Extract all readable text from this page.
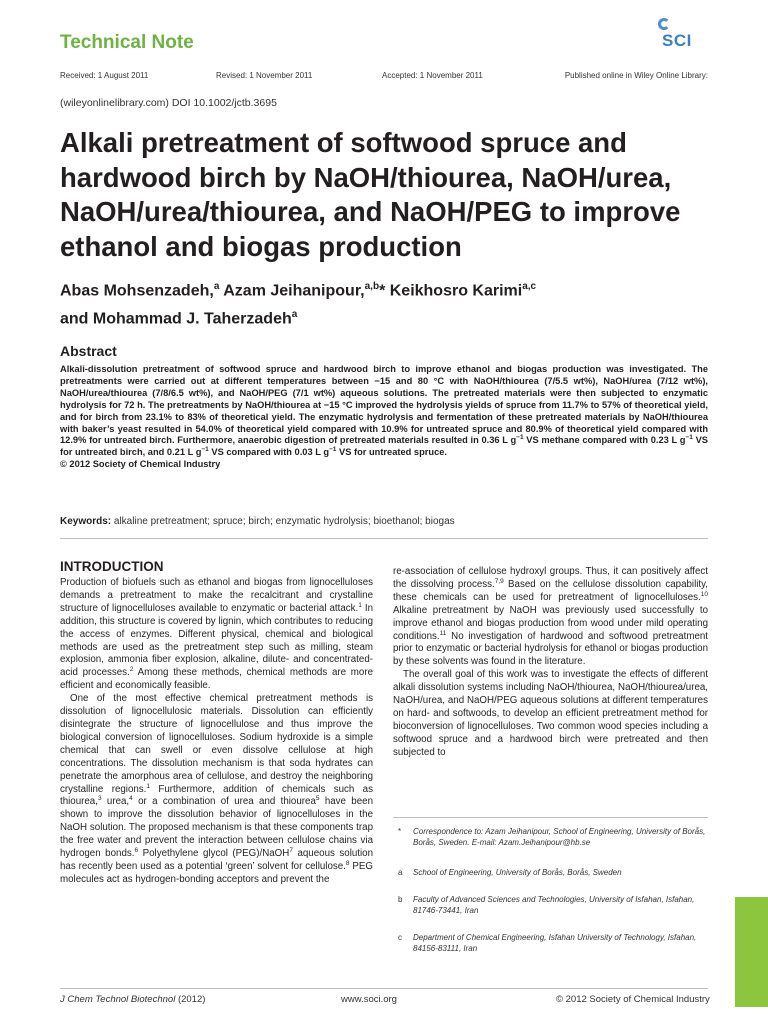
Technical Note	SCI
Received: 1 August 2011	Revised: 1 November 2011	Accepted: 1 November 2011	Published online in Wiley Online Library:
(wileyonlinelibrary.com) DOI 10.1002/jctb.3695
Alkali pretreatment of softwood spruce and hardwood birch by NaOH/thiourea, NaOH/urea, NaOH/urea/thiourea, and NaOH/PEG to improve ethanol and biogas production

Abas Mohsenzadeh,$^a$ Azam Jeihanipour,$^{a,b}$* Keikhosro Karimi$^{a,c}$
and Mohammad J. Taherzadeh$^a$

Abstract

Alkali-dissolution pretreatment of softwood spruce and hardwood birch to improve ethanol and biogas production was investigated. The pretreatments were carried out at different temperatures between −15 and 80 °C with NaOH/thiourea (7/5.5 wt%), NaOH/urea (7/12 wt%), NaOH/urea/thiourea (7/8/6.5 wt%), and NaOH/PEG (7/1 wt%) aqueous solutions. The pretreated materials were then subjected to enzymatic hydrolysis for 72 h. The pretreatments by NaOH/thiourea at −15 °C improved the hydrolysis yields of spruce from 11.7% to 57% of theoretical yield, and for birch from 23.1% to 83% of theoretical yield. The enzymatic hydrolysis and fermentation of these pretreated materials by NaOH/thiourea with baker’s yeast resulted in 54.0% of theoretical yield compared with 10.9% for untreated spruce and 80.9% of theoretical yield compared with 12.9% for untreated birch. Furthermore, anaerobic digestion of pretreated materials resulted in 0.36 L $g^{-1}$ VS methane compared with 0.23 L $g^{-1}$ VS for untreated birch, and 0.21 L $g^{-1}$ VS compared with 0.03 L $g^{-1}$ VS for untreated spruce.
© 2012 Society of Chemical Industry

Keywords: alkaline pretreatment; spruce; birch; enzymatic hydrolysis; bioethanol; biogas

INTRODUCTION

Production of biofuels such as ethanol and biogas from lignocelluloses demands a pretreatment to make the recalcitrant and crystalline structure of lignocelluloses available to enzymatic or bacterial attack.$^1$ In addition, this structure is covered by lignin, which contributes to reducing the access of enzymes. Different physical, chemical and biological methods are used as the pretreatment step such as milling, steam explosion, ammonia fiber explosion, alkaline, dilute- and concentrated-acid processes.$^2$ Among these methods, chemical methods are more efficient and economically feasible.

One of the most effective chemical pretreatment methods is dissolution of lignocellulosic materials. Dissolution can efficiently disintegrate the structure of lignocellulose and thus improve the biological conversion of lignocelluloses. Sodium hydroxide is a simple chemical that can swell or even dissolve cellulose at high concentrations. The dissolution mechanism is that soda hydrates can penetrate the amorphous area of cellulose, and destroy the neighboring crystalline regions.$^1$ Furthermore, addition of chemicals such as thiourea,$^3$ urea,$^4$ or a combination of urea and thiourea$^5$ have been shown to improve the dissolution behavior of lignocelluloses in the NaOH solution. The proposed mechanism is that these components trap the free water and prevent the interaction between cellulose chains via hydrogen bonds.$^6$ Polyethylene glycol (PEG)/NaOH$^7$ aqueous solution has recently been used as a potential ‘green’ solvent for cellulose.$^8$ PEG molecules act as hydrogen-bonding acceptors and prevent the

re-association of cellulose hydroxyl groups. Thus, it can positively affect the dissolving process.$^{7,9}$ Based on the cellulose dissolution capability, these chemicals can be used for pretreatment of lignocelluloses.$^{10}$ Alkaline pretreatment by NaOH was previously used successfully to improve ethanol and biogas production from wood under mild operating conditions.$^{11}$ No investigation of hardwood and softwood pretreatment prior to enzymatic or bacterial hydrolysis for ethanol or biogas production by these solvents was found in the literature.

The overall goal of this work was to investigate the effects of different alkali dissolution systems including NaOH/thiourea, NaOH/thiourea/urea, NaOH/urea, and NaOH/PEG aqueous solutions at different temperatures on hard- and softwoods, to develop an efficient pretreatment method for bioconversion of lignocelluloses. Two common wood species including a softwood spruce and a hardwood birch were pretreated and then subjected to

* Correspondence to: Azam Jeihanipour, School of Engineering, University of Borås, Borås, Sweden. E-mail: Azam.Jeihanipour@hb.se
a School of Engineering, University of Borås, Borås, Sweden
b Faculty of Advanced Sciences and Technologies, University of Isfahan, Isfahan, 81746-73441, Iran
c Department of Chemical Engineering, Isfahan University of Technology, Isfahan, 84156-83111, Iran
J Chem Technol Biotechnol (2012)	www.soci.org	© 2012 Society of Chemical Industry
